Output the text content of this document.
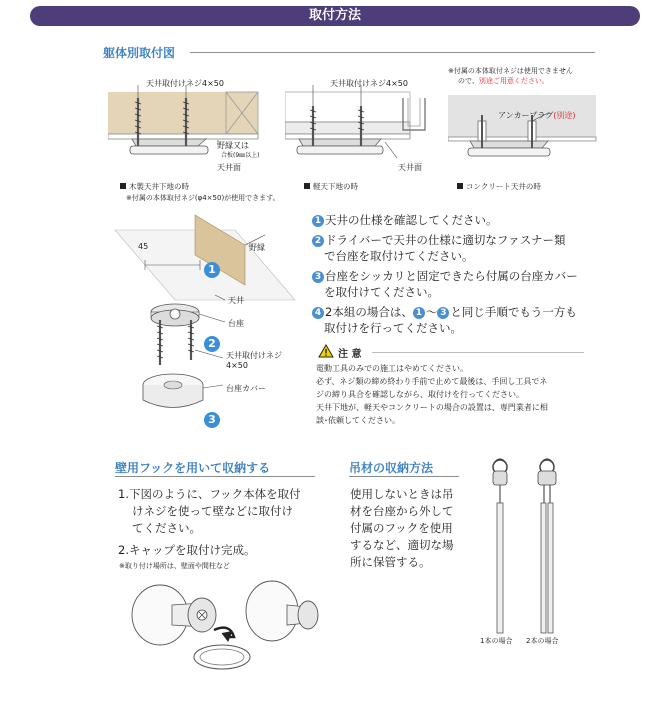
取付方法
躯体別取付図
天井取付けネジ4×50
野縁又は
合板(9㎜以上)
天井面
木製天井下地の時
※付属の本体取付ネジ(φ4×50)が使用できます。
天井取付けネジ4×50
天井面
軽天下地の時
※付属の本体取付ネジは使用できません
ので、別途ご用意ください。
アンカープラグ(別途)
コンクリート天井の時
45	野縁
天井
台座
天井取付けネジ
4×50
台座カバー
1
2
3
1 天井の仕様を確認してください。
2 ドライバーで天井の仕様に適切なファスナー類
で台座を取付けてください。
3 台座をシッカリと固定できたら付属の台座カバー
を取付けてください。
4 2本組の場合は、 1 ～ 3 と同じ手順でもう一方も
取付けを行ってください。
注 意
電動工具のみでの施工はやめてください。
必ず、ネジ類の締め終わり手前で止めて最後は、手回し工具でネ
ジの締り具合を確認しながら、取付けを行ってください。
天井下地が、軽天やコンクリートの場合の設置は、専門業者に相
談･依頼してください。
壁用フックを用いて収納する
1.下図のように、フック本体を取付
けネジを使って壁などに取付け
てください。
2.キャップを取付け完成。
※取り付け場所は、壁面や間柱など
吊材の収納方法
使用しないときは吊
材を台座から外して
付属のフックを使用
するなど、適切な場
所に保管する。
1本の場合 2本の場合
